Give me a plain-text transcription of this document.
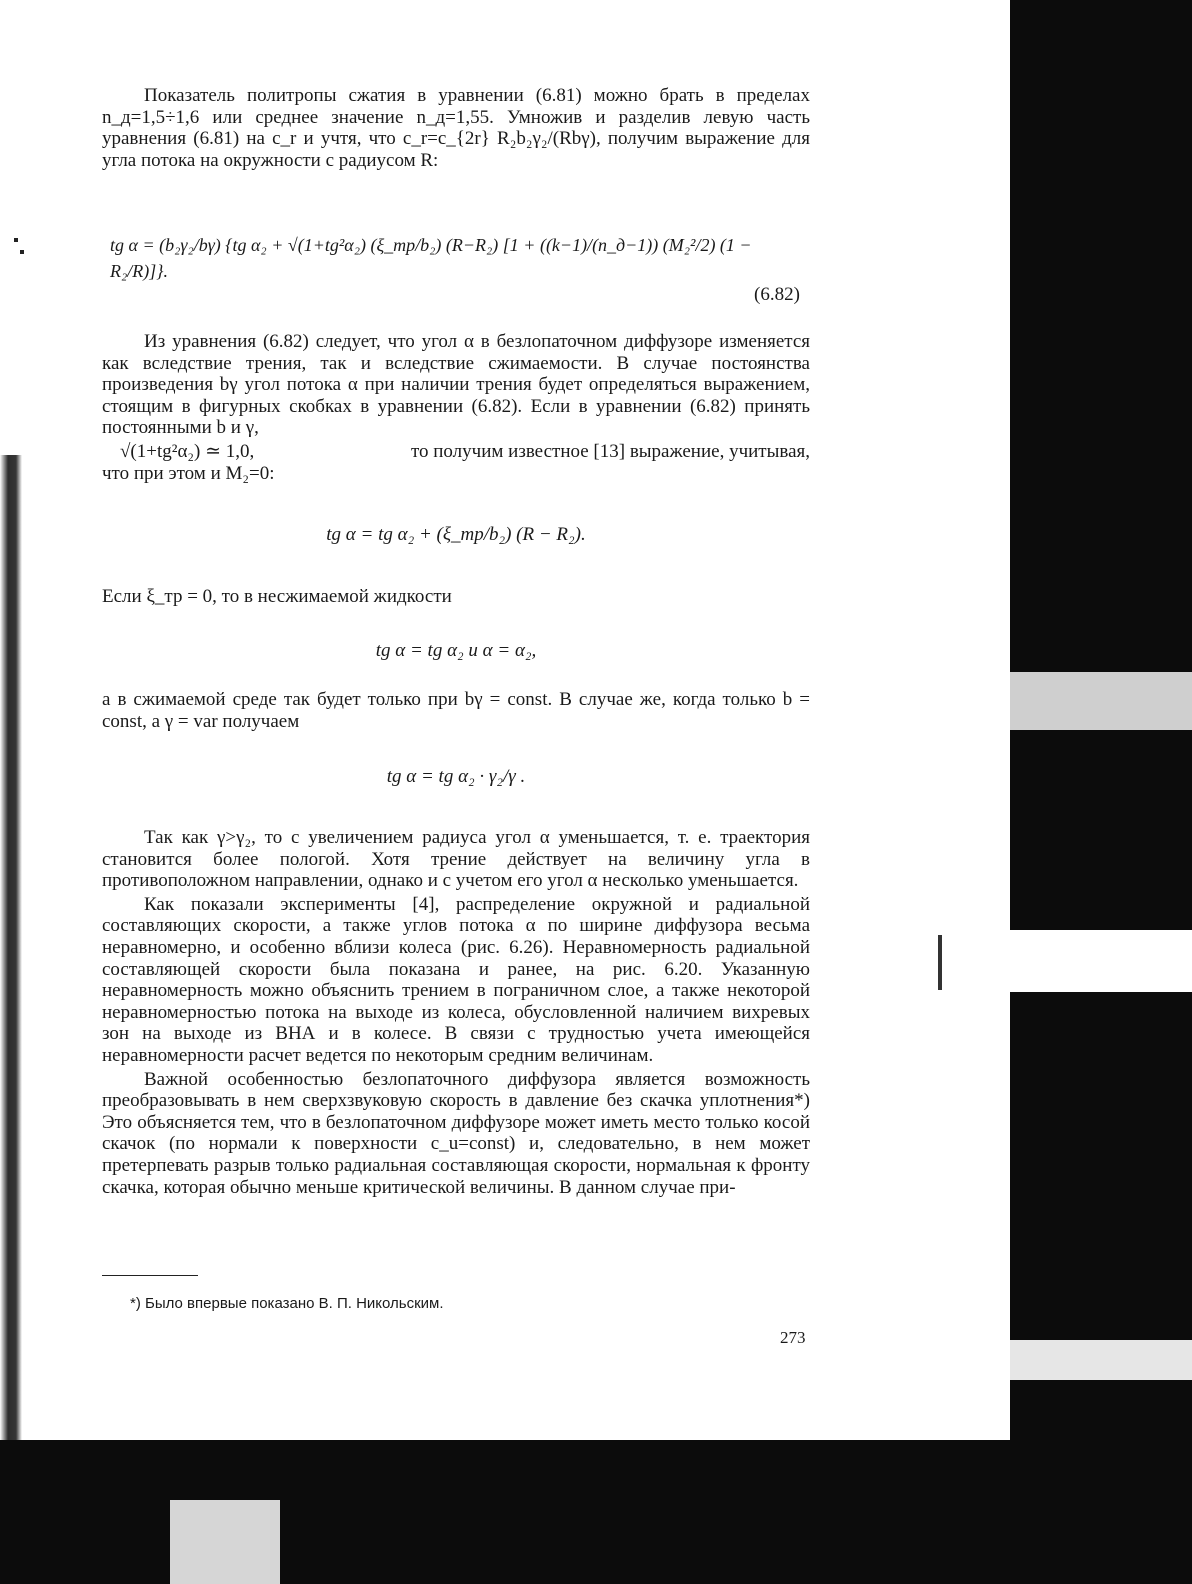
Показатель политропы сжатия в уравнении (6.81) можно брать в пределах n_д=1,5÷1,6 или среднее значение n_д=1,55. Умножив и разделив левую часть уравнения (6.81) на c_r и учтя, что c_r=c_{2r} R₂b₂γ₂/(Rbγ), получим выражение для угла потока на окружности с радиусом R:

tg α = (b₂γ₂/bγ) {tg α₂ + √(1+tg²α₂) (ξ_тр/b₂) (R−R₂) [1 + ((k−1)/(n_д−1)) (M₂²/2) (1 − R₂/R)]}.
(6.82)

Из уравнения (6.82) следует, что угол α в безлопаточном диффузоре изменяется как вследствие трения, так и вследствие сжимаемости. В случае постоянства произведения bγ угол потока α при наличии трения будет определяться выражением, стоящим в фигурных скобках в уравнении (6.82). Если в уравнении (6.82) принять постоянными b и γ,

√(1+tg²α₂) ≃ 1,0,	то получим известное [13] выражение, учитывая,

что при этом и M₂=0:

tg α = tg α₂ + (ξ_тр/b₂) (R − R₂).

Если ξ_тр = 0, то в несжимаемой жидкости

tg α = tg α₂ и α = α₂,

а в сжимаемой среде так будет только при bγ = const. В случае же, когда только b = const, а γ = var получаем

tg α = tg α₂ · γ₂/γ .

Так как γ>γ₂, то с увеличением радиуса угол α уменьшается, т. е. траектория становится более пологой. Хотя трение действует на величину угла в противоположном направлении, однако и с учетом его угол α несколько уменьшается.

Как показали эксперименты [4], распределение окружной и радиальной составляющих скорости, а также углов потока α по ширине диффузора весьма неравномерно, и особенно вблизи колеса (рис. 6.26). Неравномерность радиальной составляющей скорости была показана и ранее, на рис. 6.20. Указанную неравномерность можно объяснить трением в пограничном слое, а также некоторой неравномерностью потока на выходе из колеса, обусловленной наличием вихревых зон на выходе из ВНА и в колесе. В связи с трудностью учета имеющейся неравномерности расчет ведется по некоторым средним величинам.

Важной особенностью безлопаточного диффузора является возможность преобразовывать в нем сверхзвуковую скорость в давление без скачка уплотнения*) Это объясняется тем, что в безлопаточном диффузоре может иметь место только косой скачок (по нормали к поверхности c_u=const) и, следовательно, в нем может претерпевать разрыв только радиальная составляющая скорости, нормальная к фронту скачка, которая обычно меньше критической величины. В данном случае при-

*) Было впервые показано В. П. Никольским.
273
